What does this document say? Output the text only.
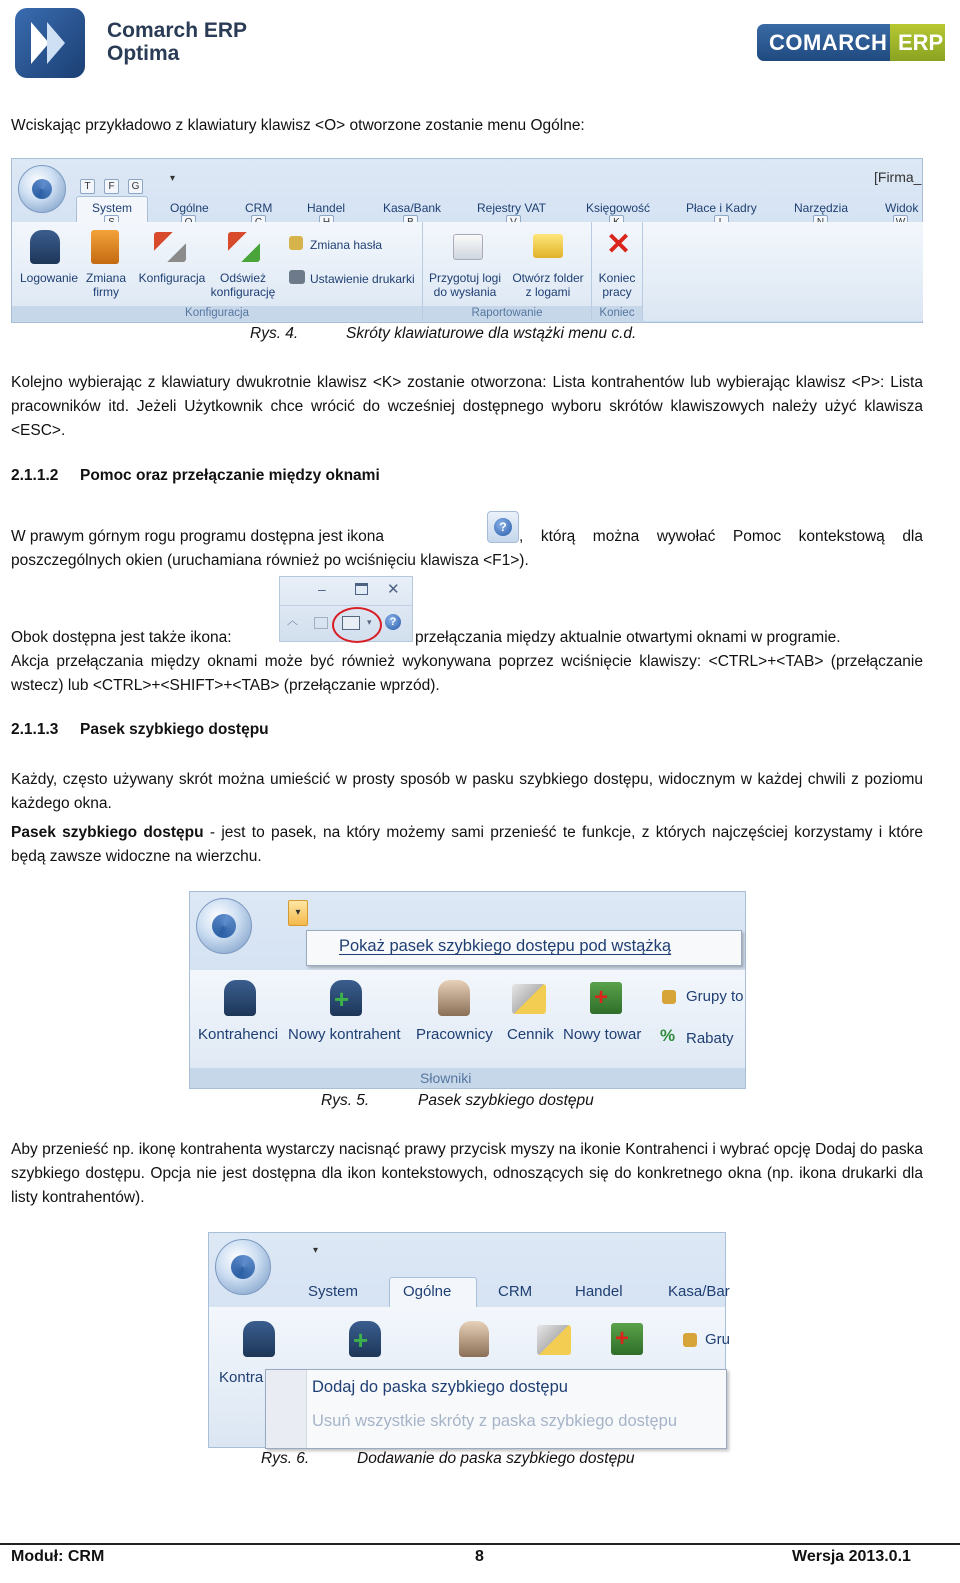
Comarch ERP
Optima	COMARCH ERP

Wciskając przykładowo z klawiatury klawisz <O> otworzone zostanie menu Ogólne:

T	F	G
▾	[Firma_
System	Ogólne	CRM	Handel	Kasa/Bank	Rejestry VAT	Księgowość	Płace i Kadry	Narzędzia	Widok
Logowanie Zmiana
firmy
Konfiguracja	Odśwież
konfigurację
Zmiana hasła
Ustawienie drukarki
Konfiguracja
Przygotuj logi
do wysłania
Otwórz folder
z logami
Raportowanie
✕
Koniec
pracy
Koniec
Rys. 4.	Skróty klawiaturowe dla wstążki menu c.d.

Kolejno wybierając z klawiatury dwukrotnie klawisz <K> zostanie otworzona: Lista kontrahentów lub wybierając klawisz <P>: Lista pracowników itd. Jeżeli Użytkownik chce wrócić do wcześniej dostępnego wyboru skrótów klawiszowych należy użyć klawisza <ESC>.

2.1.1.2 Pomoc oraz przełączanie między oknami
W prawym górnym rogu programu dostępna jest ikona
?

, którą można wywołać Pomoc kontekstową dla poszczególnych okien (uruchamiana również po wciśnięciu klawisza <F1>).

–	✕
︿	▾	?
Obok dostępna jest także ikona:	przełączania między aktualnie otwartymi oknami w programie.

Akcja przełączania między oknami może być również wykonywana poprzez wciśnięcie klawiszy: <CTRL>+<TAB> (przełączanie wstecz) lub <CTRL>+<SHIFT>+<TAB> (przełączanie wprzód).

2.1.1.3 Pasek szybkiego dostępu

Każdy, często używany skrót można umieścić w prosty sposób w pasku szybkiego dostępu, widocznym w każdej chwili z poziomu każdego okna.

Pasek szybkiego dostępu - jest to pasek, na który możemy sami przenieść te funkcje, z których najczęściej korzystamy i które będą zawsze widoczne na wierzchu.

▾
Pokaż pasek szybkiego dostępu pod wstążką
+	+
%
Kontrahenci Nowy kontrahent Pracownicy Cennik Nowy towar
Grupy to
Rabaty
Słowniki
Rys. 5.	Pasek szybkiego dostępu

Aby przenieść np. ikonę kontrahenta wystarczy nacisnąć prawy przycisk myszy na ikonie Kontrahenci i wybrać opcję Dodaj do paska szybkiego dostępu. Opcja nie jest dostępna dla ikon kontekstowych, odnoszących się do konkretnego okna (np. ikona drukarki dla listy kontrahentów).

▾
System	Ogólne	CRM	Handel	Kasa/Bar
+	+	Gru
Kontra
Dodaj do paska szybkiego dostępu
Usuń wszystkie skróty z paska szybkiego dostępu
Rys. 6.	Dodawanie do paska szybkiego dostępu
Moduł: CRM	8	Wersja 2013.0.1
